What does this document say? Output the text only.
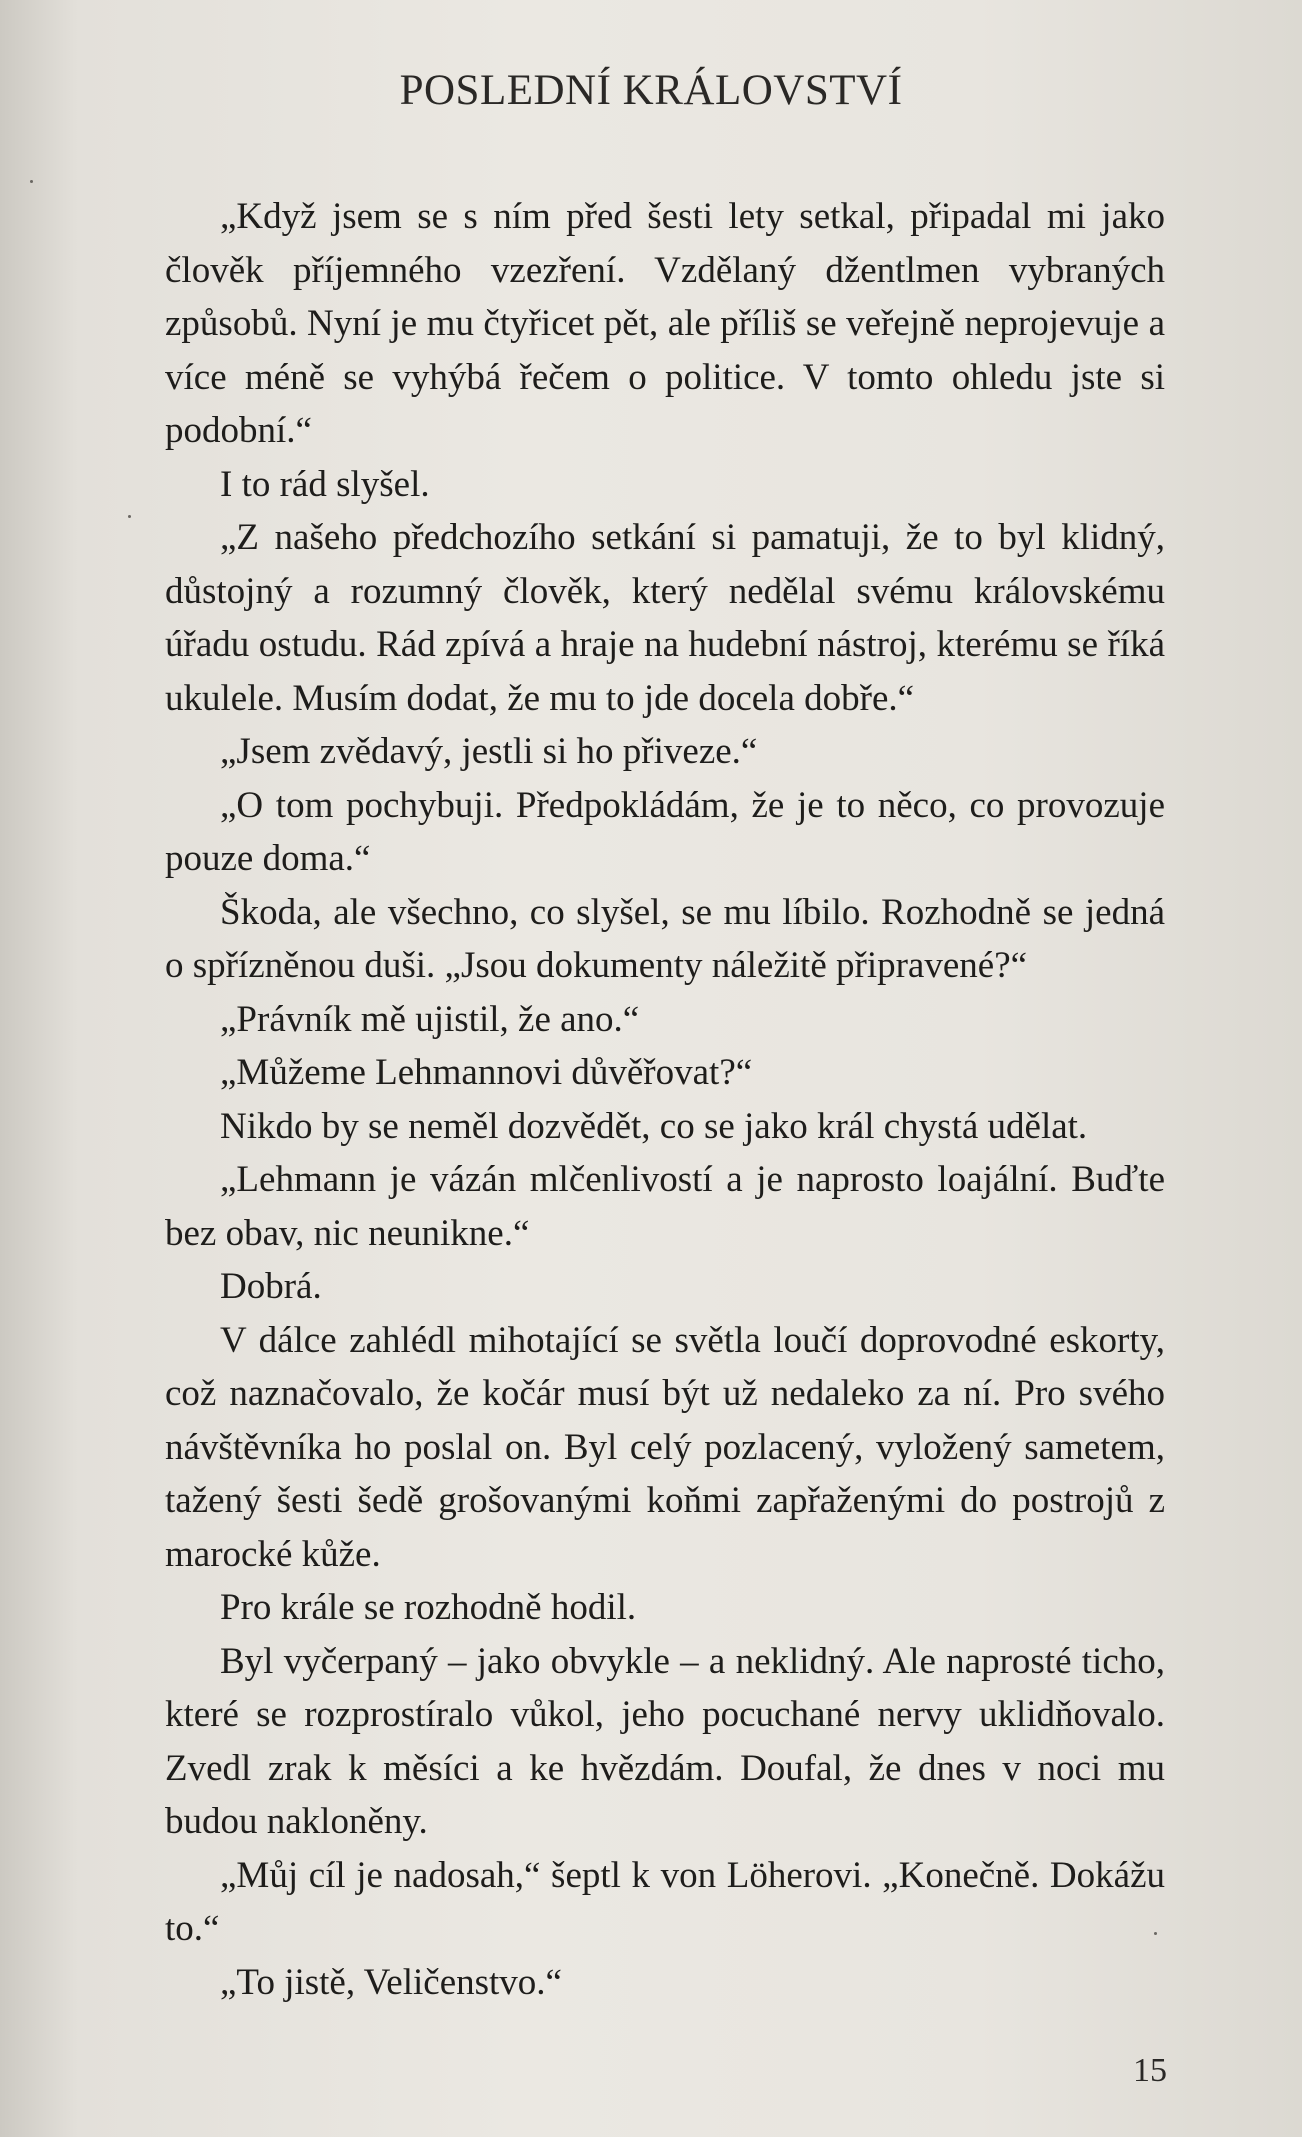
POSLEDNÍ KRÁLOVSTVÍ

„Když jsem se s ním před šesti lety setkal, připadal mi jako člověk příjemného vzezření. Vzdělaný džentlmen vybraných způsobů. Nyní je mu čtyřicet pět, ale příliš se veřejně neprojevuje a více méně se vyhýbá řečem o politice. V tomto ohledu jste si podobní.“

I to rád slyšel.

„Z našeho předchozího setkání si pamatuji, že to byl klidný, důstojný a rozumný člověk, který nedělal svému královskému úřadu ostudu. Rád zpívá a hraje na hudební nástroj, kterému se říká ukulele. Musím dodat, že mu to jde docela dobře.“

„Jsem zvědavý, jestli si ho přiveze.“

„O tom pochybuji. Předpokládám, že je to něco, co provozuje pouze doma.“

Škoda, ale všechno, co slyšel, se mu líbilo. Rozhodně se jedná o spřízněnou duši. „Jsou dokumenty náležitě připravené?“

„Právník mě ujistil, že ano.“

„Můžeme Lehmannovi důvěřovat?“

Nikdo by se neměl dozvědět, co se jako král chystá udělat.

„Lehmann je vázán mlčenlivostí a je naprosto loajální. Buďte bez obav, nic neunikne.“

Dobrá.

V dálce zahlédl mihotající se světla loučí doprovodné eskorty, což naznačovalo, že kočár musí být už nedaleko za ní. Pro svého návštěvníka ho poslal on. Byl celý pozlacený, vyložený sametem, tažený šesti šedě grošovanými koňmi zapřaženými do postrojů z marocké kůže.

Pro krále se rozhodně hodil.

Byl vyčerpaný – jako obvykle – a neklidný. Ale naprosté ticho, které se rozprostíralo vůkol, jeho pocuchané nervy uklidňovalo. Zvedl zrak k měsíci a ke hvězdám. Doufal, že dnes v noci mu budou nakloněny.

„Můj cíl je nadosah,“ šeptl k von Löherovi. „Konečně. Dokážu to.“

„To jistě, Veličenstvo.“

15
